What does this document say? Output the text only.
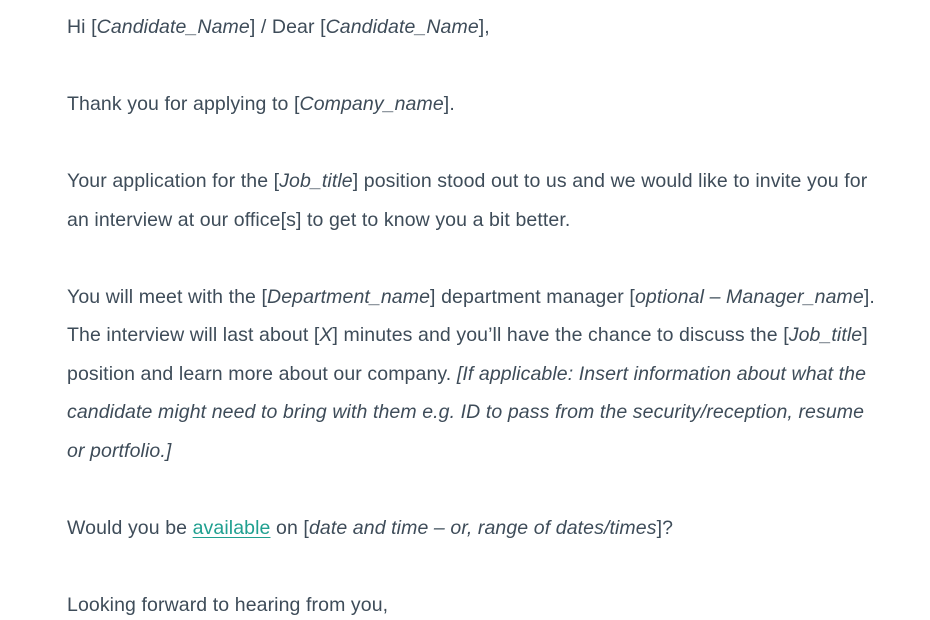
Hi [Candidate_Name] / Dear [Candidate_Name],

Thank you for applying to [Company_name].

Your application for the [Job_title] position stood out to us and we would like to invite you for an interview at our office[s] to get to know you a bit better.

You will meet with the [Department_name] department manager [optional – Manager_name]. The interview will last about [X] minutes and you’ll have the chance to discuss the [Job_title] position and learn more about our company. [If applicable: Insert information about what the candidate might need to bring with them e.g. ID to pass from the security/reception, resume or portfolio.]

Would you be available on [date and time – or, range of dates/times]?

Looking forward to hearing from you,
